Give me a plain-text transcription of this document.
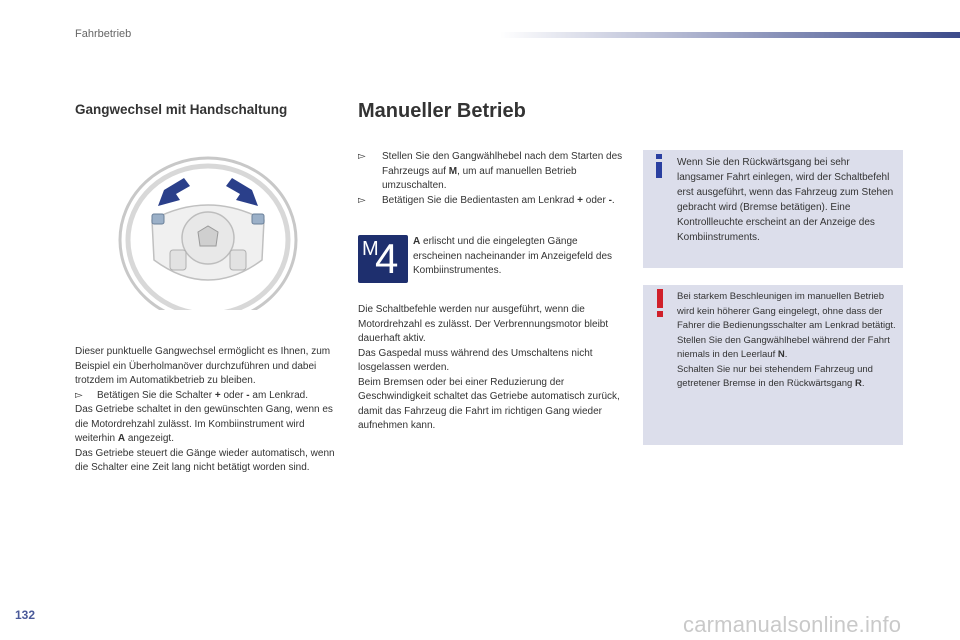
Fahrbetrieb
Gangwechsel mit Handschaltung
Dieser punktuelle Gangwechsel ermöglicht es Ihnen, zum Beispiel ein Überholmanöver durchzuführen und dabei trotzdem im Automatikbetrieb zu bleiben.

▻ Betätigen Sie die Schalter + oder - am Lenkrad.
Das Getriebe schaltet in den gewünschten Gang, wenn es die Motordrehzahl zulässt. Im Kombiinstrument wird weiterhin A angezeigt.
Das Getriebe steuert die Gänge wieder automatisch, wenn die Schalter eine Zeit lang nicht betätigt worden sind.
Manueller Betrieb
▻ Stellen Sie den Gangwählhebel nach dem Starten des Fahrzeugs auf M, um auf manuellen Betrieb umzuschalten.
▻ Betätigen Sie die Bedientasten am Lenkrad + oder -.
M
4 A erlischt und die eingelegten Gänge erscheinen nacheinander im Anzeigefeld des Kombiinstrumentes.
Die Schaltbefehle werden nur ausgeführt, wenn die Motordrehzahl es zulässt. Der Verbrennungsmotor bleibt dauerhaft aktiv.
Das Gaspedal muss während des Umschaltens nicht losgelassen werden.
Beim Bremsen oder bei einer Reduzierung der Geschwindigkeit schaltet das Getriebe automatisch zurück, damit das Fahrzeug die Fahrt im richtigen Gang wieder aufnehmen kann.
Wenn Sie den Rückwärtsgang bei sehr langsamer Fahrt einlegen, wird der Schaltbefehl erst ausgeführt, wenn das Fahrzeug zum Stehen gebracht wird (Bremse betätigen). Eine Kontrollleuchte erscheint an der Anzeige des Kombiinstruments.
Bei starkem Beschleunigen im manuellen Betrieb wird kein höherer Gang eingelegt, ohne dass der Fahrer die Bedienungsschalter am Lenkrad betätigt.
Stellen Sie den Gangwählhebel während der Fahrt niemals in den Leerlauf N.
Schalten Sie nur bei stehendem Fahrzeug und getretener Bremse in den Rückwärtsgang R.
132	carmanualsonline.info
